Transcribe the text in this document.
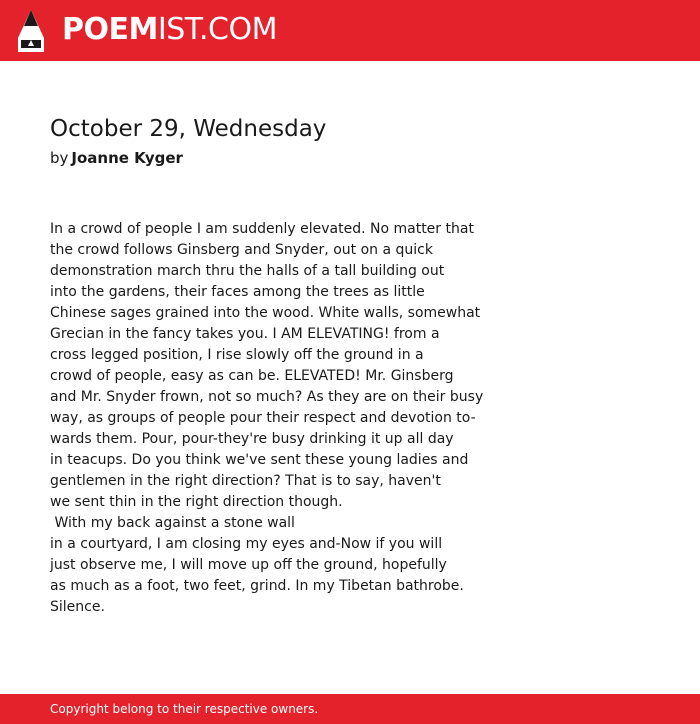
POEMIST.COM
October 29, Wednesday
by Joanne Kyger
In a crowd of people I am suddenly elevated. No matter that
the crowd follows Ginsberg and Snyder, out on a quick
demonstration march thru the halls of a tall building out
into the gardens, their faces among the trees as little
Chinese sages grained into the wood. White walls, somewhat
Grecian in the fancy takes you. I AM ELEVATING! from a
cross legged position, I rise slowly off the ground in a
crowd of people, easy as can be. ELEVATED! Mr. Ginsberg
and Mr. Snyder frown, not so much? As they are on their busy
way, as groups of people pour their respect and devotion to-
wards them. Pour, pour-they're busy drinking it up all day
in teacups. Do you think we've sent these young ladies and
gentlemen in the right direction? That is to say, haven't
we sent thin in the right direction though.
With my back against a stone wall
in a courtyard, I am closing my eyes and-Now if you will
just observe me, I will move up off the ground, hopefully
as much as a foot, two feet, grind. In my Tibetan bathrobe.
Silence.
Copyright belong to their respective owners.
